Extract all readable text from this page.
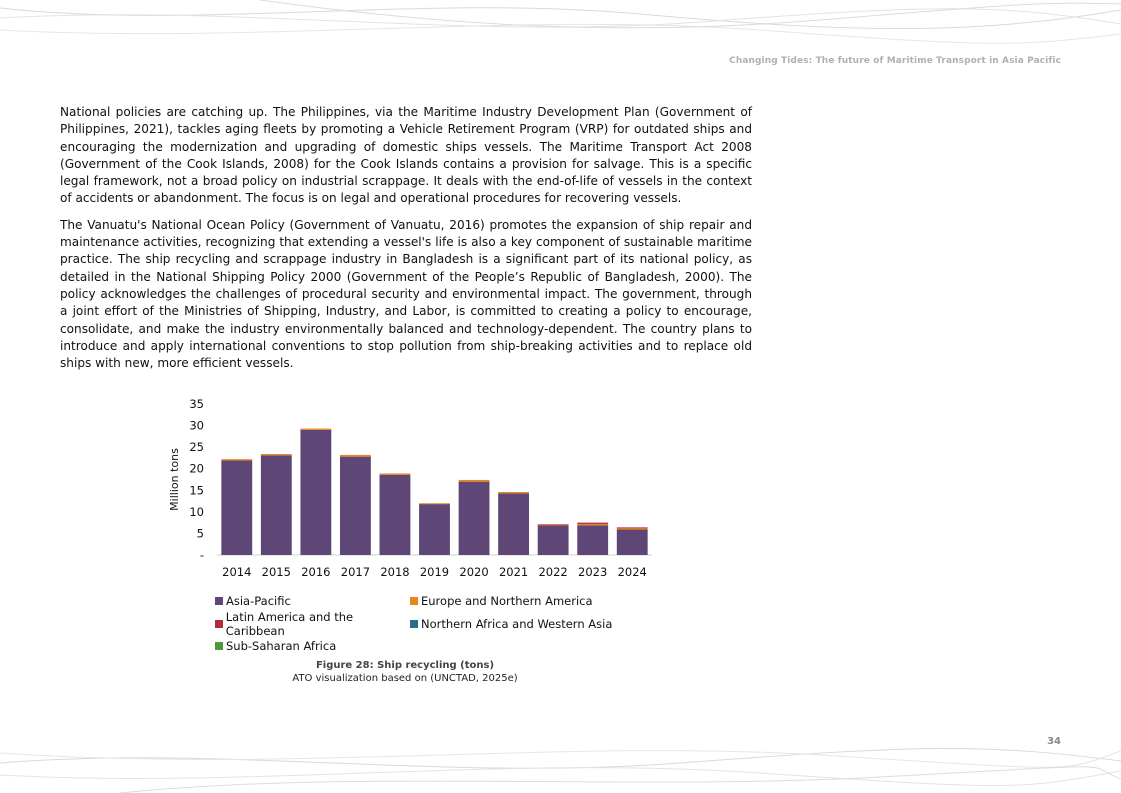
Changing Tides: The future of Maritime Transport in Asia Pacific

National policies are catching up. The Philippines, via the Maritime Industry Development Plan (Government of Philippines, 2021), tackles aging fleets by promoting a Vehicle Retirement Program (VRP) for outdated ships and encouraging the modernization and upgrading of domestic ships vessels. The Maritime Transport Act 2008 (Government of the Cook Islands, 2008) for the Cook Islands contains a provision for salvage. This is a specific legal framework, not a broad policy on industrial scrappage. It deals with the end-of-life of vessels in the context of accidents or abandonment. The focus is on legal and operational procedures for recovering vessels.

The Vanuatu's National Ocean Policy (Government of Vanuatu, 2016) promotes the expansion of ship repair and maintenance activities, recognizing that extending a vessel's life is also a key component of sustainable maritime practice. The ship recycling and scrappage industry in Bangladesh is a significant part of its national policy, as detailed in the National Shipping Policy 2000 (Government of the People’s Republic of Bangladesh, 2000). The policy acknowledges the challenges of procedural security and environmental impact. The government, through a joint effort of the Ministries of Shipping, Industry, and Labor, is committed to creating a policy to encourage, consolidate, and make the industry environmentally balanced and technology-dependent. The country plans to introduce and apply international conventions to stop pollution from ship-breaking activities and to replace old ships with new, more efficient vessels.

-
5
10
15
20
25
30
35
Million tons
2014 2015 2016 2017 2018 2019 2020 2021 2022 2023 2024
Asia-Pacific	Europe and Northern America
Latin America and the Caribbean	Northern Africa and Western Asia
Sub-Saharan Africa
Figure 28: Ship recycling (tons)
ATO visualization based on (UNCTAD, 2025e)
34
